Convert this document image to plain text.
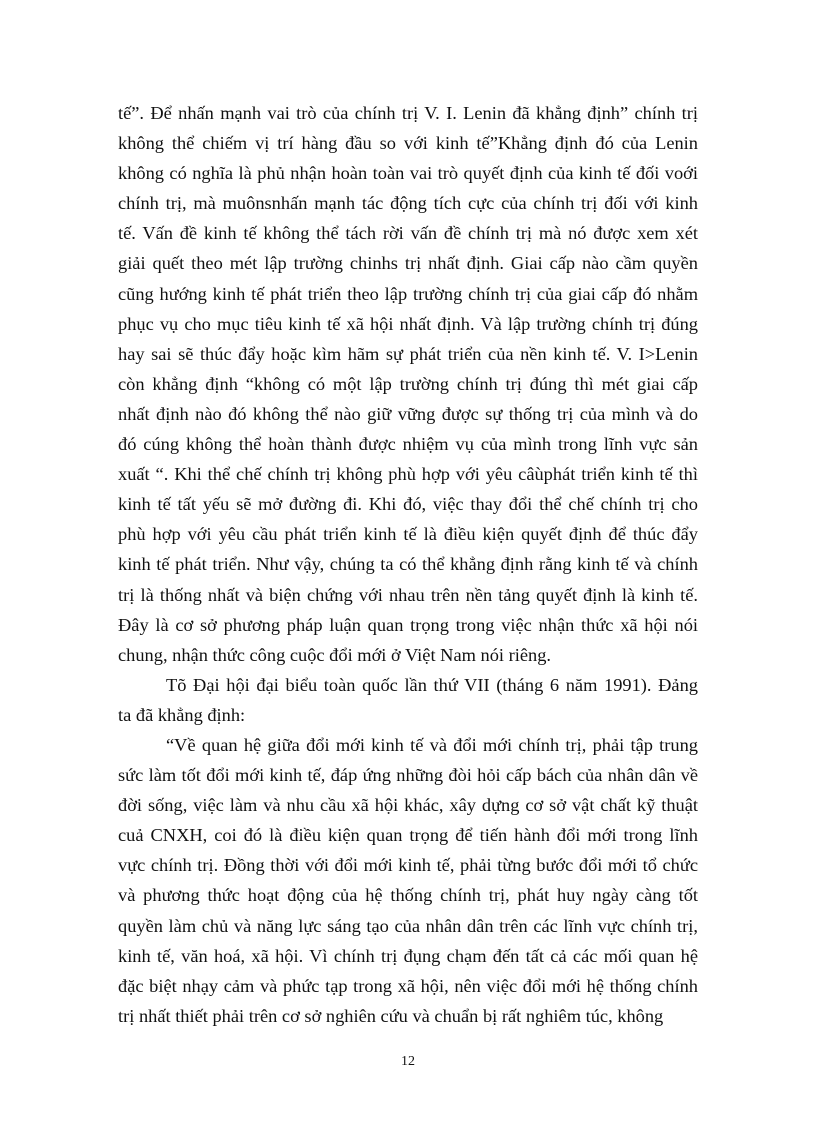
tế”. Để nhấn mạnh vai trò của chính trị V. I. Lenin đã khẳng định” chính trị
không thể chiếm vị trí hàng đầu so với kinh tế”Khẳng định đó của Lenin
không có nghĩa là phủ nhận hoàn toàn vai trò quyết định của kinh tế đối voới
chính trị, mà muônsnhấn mạnh tác động tích cực của chính trị đối với kinh
tế. Vấn đề kinh tế không thể tách rời vấn đề chính trị mà nó được xem xét
giải quết theo mét lập trường chinhs trị nhất định. Giai cấp nào cầm quyền
cũng hướng kinh tế phát triển theo lập trường chính trị của giai cấp đó nhằm
phục vụ cho mục tiêu kinh tế xã hội nhất định. Và lập trường chính trị đúng
hay sai sẽ thúc đẩy hoặc kìm hãm sự phát triển của nền kinh tế. V. I>Lenin
còn khẳng định “không có một lập trường chính trị đúng thì mét giai cấp
nhất định nào đó không thể nào giữ vững được sự thống trị của mình và do
đó cúng không thể hoàn thành được nhiệm vụ của mình trong lĩnh vực sản
xuất “. Khi thể chế chính trị không phù hợp với yêu câùphát triển kinh tế thì
kinh tế tất yếu sẽ mở đường đi. Khi đó, việc thay đổi thể chế chính trị cho
phù hợp với yêu cầu phát triển kinh tế là điều kiện quyết định để thúc đẩy
kinh tế phát triển. Như vậy, chúng ta có thể khẳng định rằng kinh tế và chính
trị là thống nhất và biện chứng với nhau trên nền tảng quyết định là kinh tế.
Đây là cơ sở phương pháp luận quan trọng trong việc nhận thức xã hội nói
chung, nhận thức công cuộc đổi mới ở Việt Nam nói riêng.
Tõ Đại hội đại biểu toàn quốc lần thứ VII (tháng 6 năm 1991). Đảng
ta đã khẳng định:
“Về quan hệ giữa đổi mới kinh tế và đổi mới chính trị, phải tập trung
sức làm tốt đổi mới kinh tế, đáp ứng những đòi hỏi cấp bách của nhân dân về
đời sống, việc làm và nhu cầu xã hội khác, xây dựng cơ sở vật chất kỹ thuật
cuả CNXH, coi đó là điều kiện quan trọng để tiến hành đổi mới trong lĩnh
vực chính trị. Đồng thời với đổi mới kinh tế, phải từng bước đổi mới tổ chức
và phương thức hoạt động của hệ thống chính trị, phát huy ngày càng tốt
quyền làm chủ và năng lực sáng tạo của nhân dân trên các lĩnh vực chính trị,
kinh tế, văn hoá, xã hội. Vì chính trị đụng chạm đến tất cả các mối quan hệ
đặc biệt nhạy cảm và phức tạp trong xã hội, nên việc đổi mới hệ thống chính
trị nhất thiết phải trên cơ sở nghiên cứu và chuẩn bị rất nghiêm túc, không
12
